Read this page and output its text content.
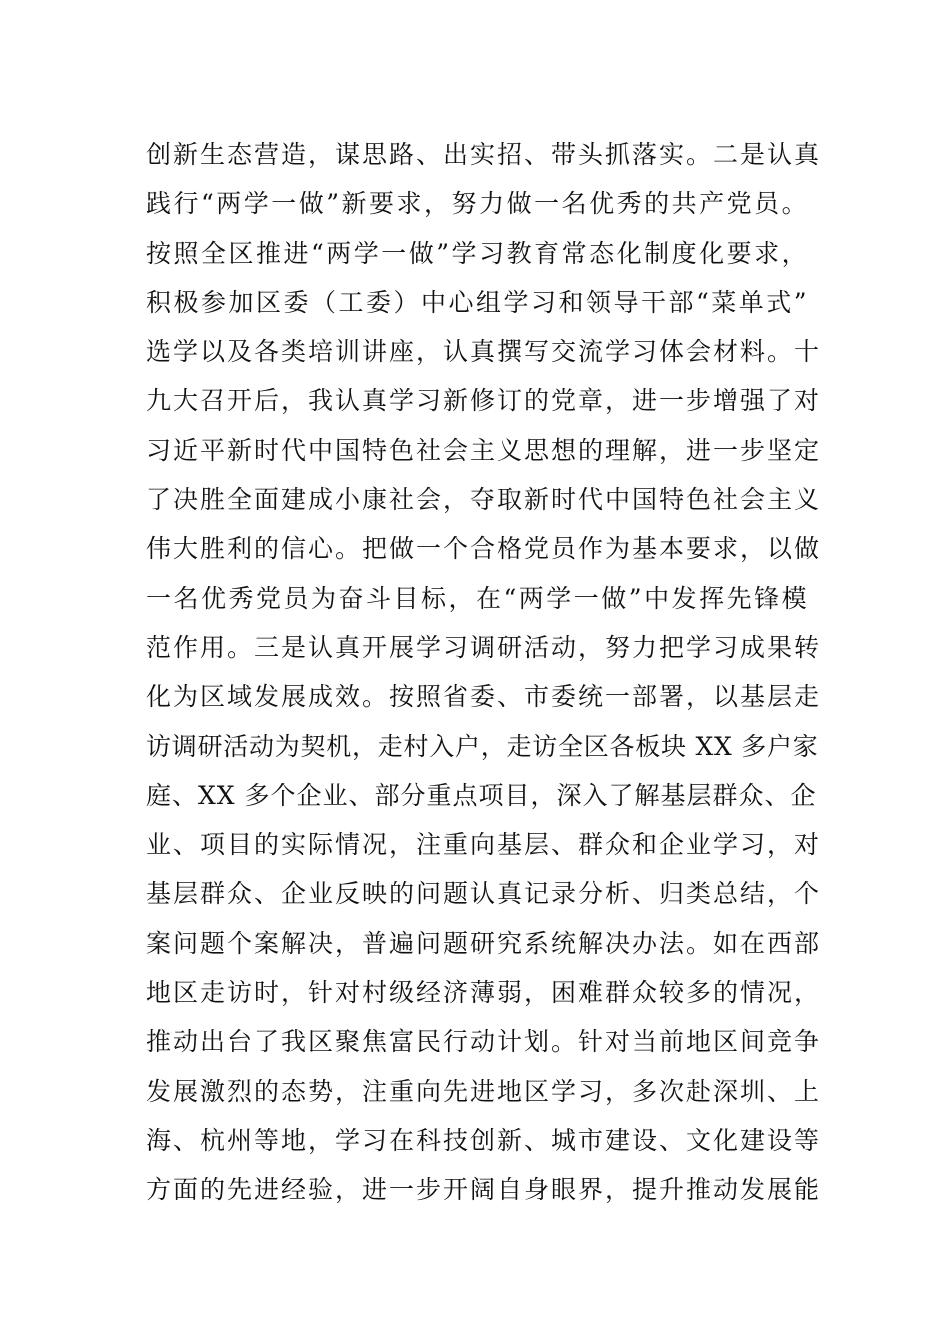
创新生态营造，谋思路、出实招、带头抓落实。二是认真
践行“两学一做”新要求，努力做一名优秀的共产党员。
按照全区推进“两学一做”学习教育常态化制度化要求，
积极参加区委（工委）中心组学习和领导干部“菜单式”
选学以及各类培训讲座，认真撰写交流学习体会材料。十
九大召开后，我认真学习新修订的党章，进一步增强了对
习近平新时代中国特色社会主义思想的理解，进一步坚定
了决胜全面建成小康社会，夺取新时代中国特色社会主义
伟大胜利的信心。把做一个合格党员作为基本要求，以做
一名优秀党员为奋斗目标，在“两学一做”中发挥先锋模
范作用。三是认真开展学习调研活动，努力把学习成果转
化为区域发展成效。按照省委、市委统一部署，以基层走
访调研活动为契机，走村入户，走访全区各板块 XX 多户家
庭、XX 多个企业、部分重点项目，深入了解基层群众、企
业、项目的实际情况，注重向基层、群众和企业学习，对
基层群众、企业反映的问题认真记录分析、归类总结，个
案问题个案解决，普遍问题研究系统解决办法。如在西部
地区走访时，针对村级经济薄弱，困难群众较多的情况，
推动出台了我区聚焦富民行动计划。针对当前地区间竞争
发展激烈的态势，注重向先进地区学习，多次赴深圳、上
海、杭州等地，学习在科技创新、城市建设、文化建设等
方面的先进经验，进一步开阔自身眼界，提升推动发展能
